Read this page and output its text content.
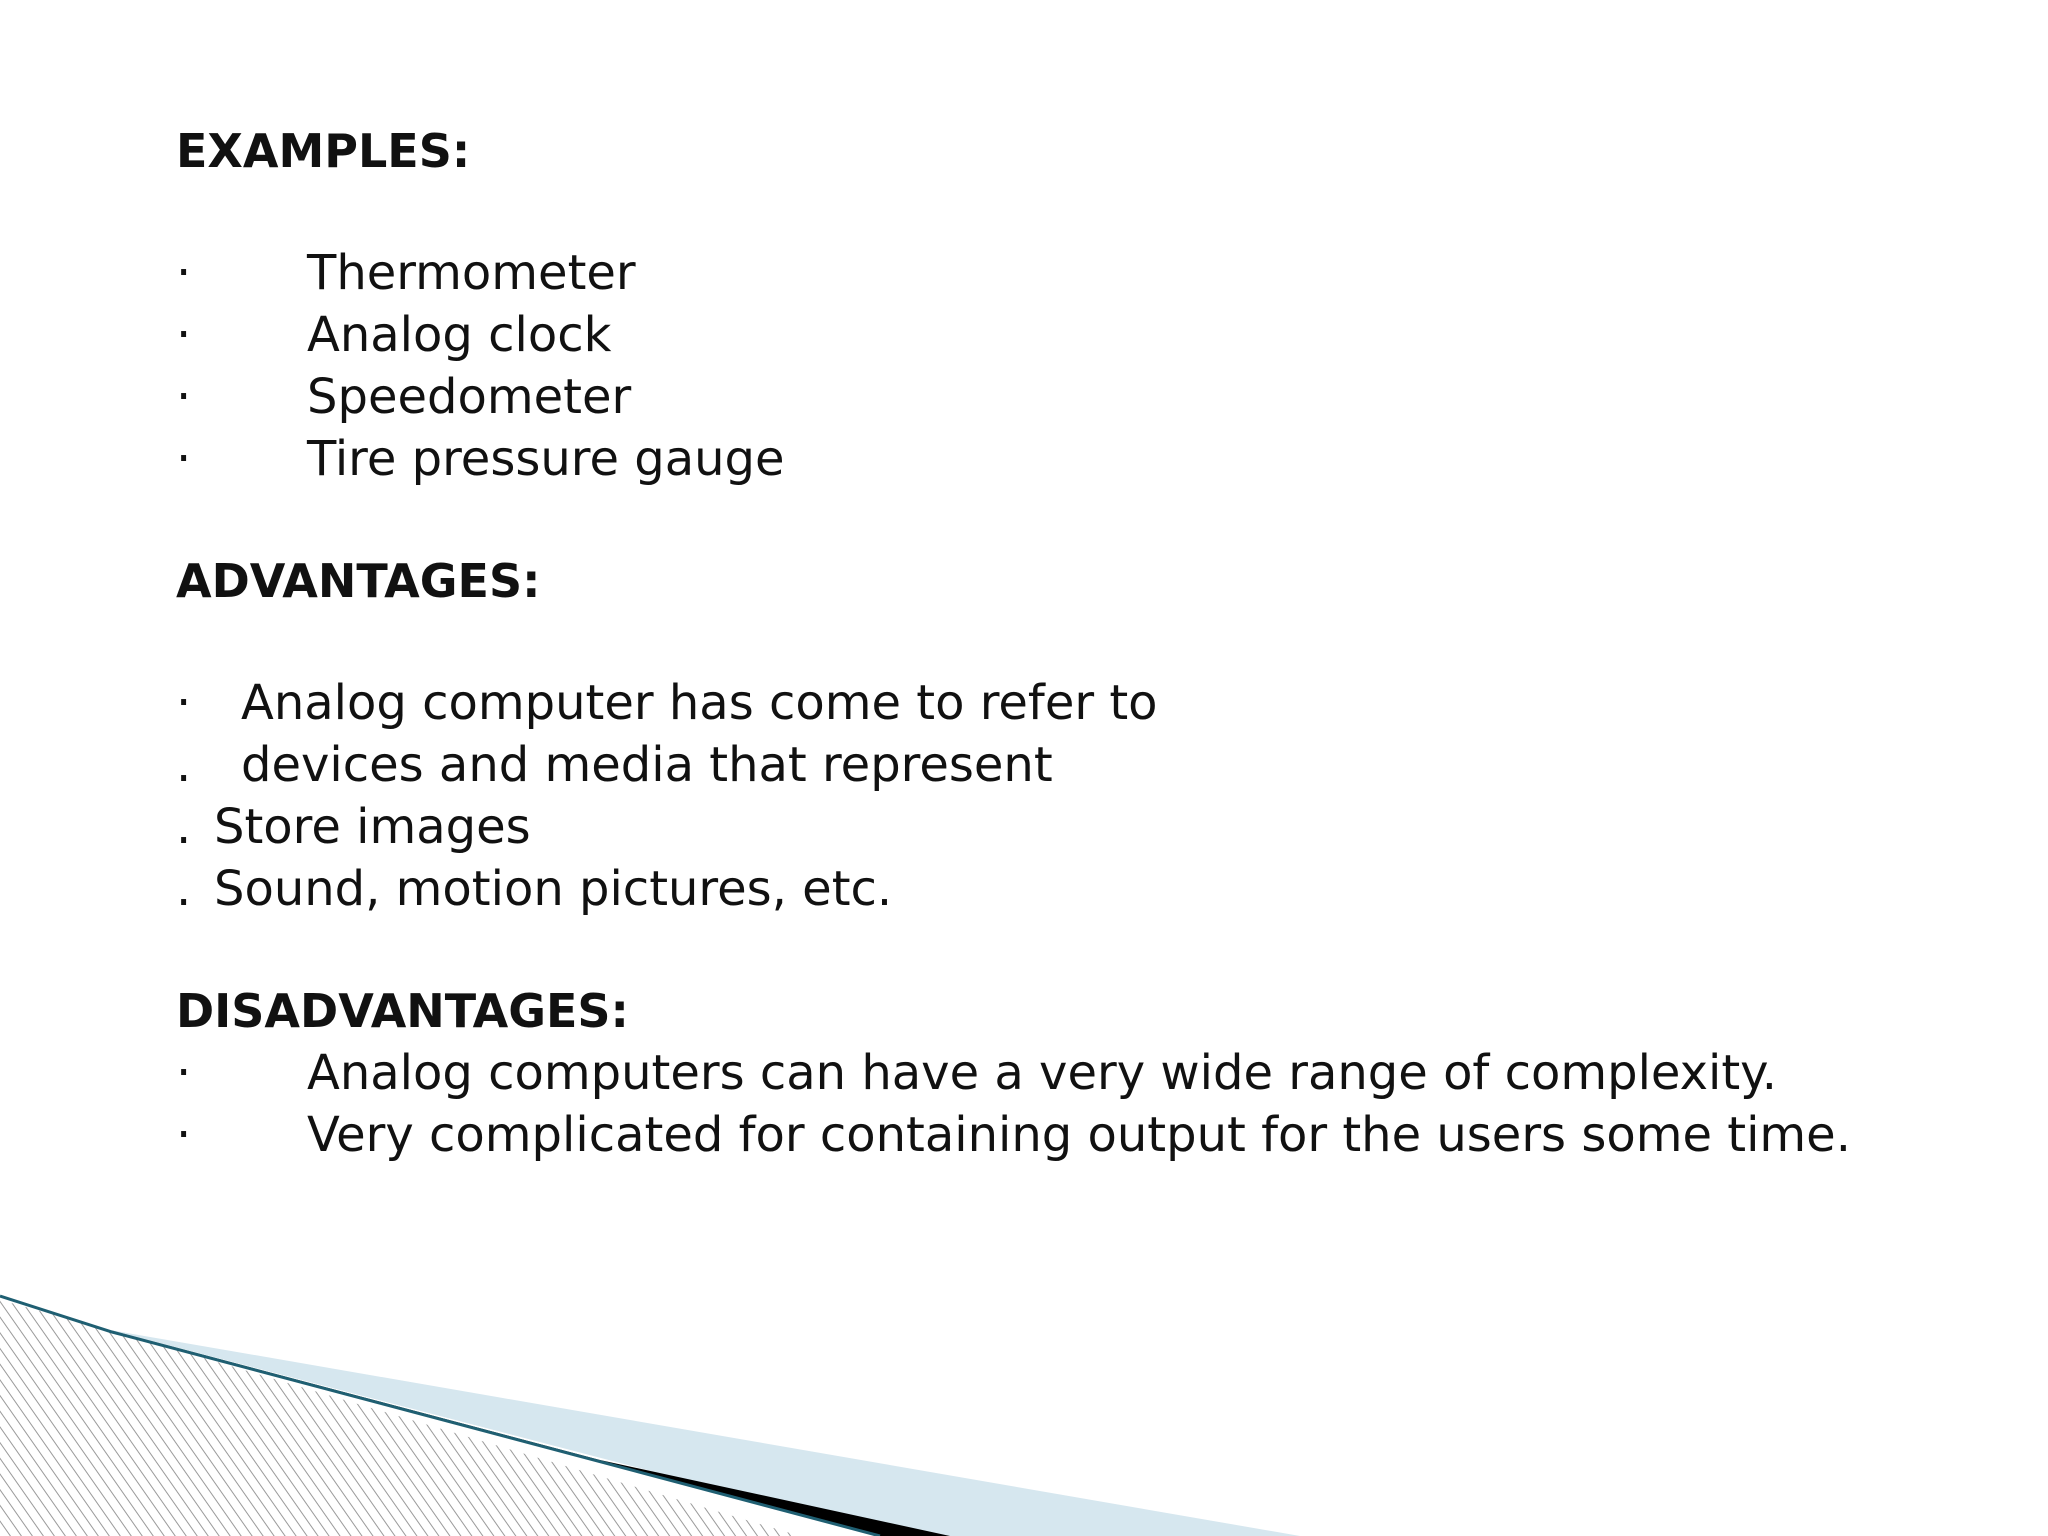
EXAMPLES:
· Thermometer
· Analog clock
· Speedometer
· Tire pressure gauge
ADVANTAGES:
· Analog computer has come to refer to
. devices and media that represent
. Store images
. Sound, motion pictures, etc.
DISADVANTAGES:
· Analog computers can have a very wide range of complexity.
· Very complicated for containing output for the users some time.
